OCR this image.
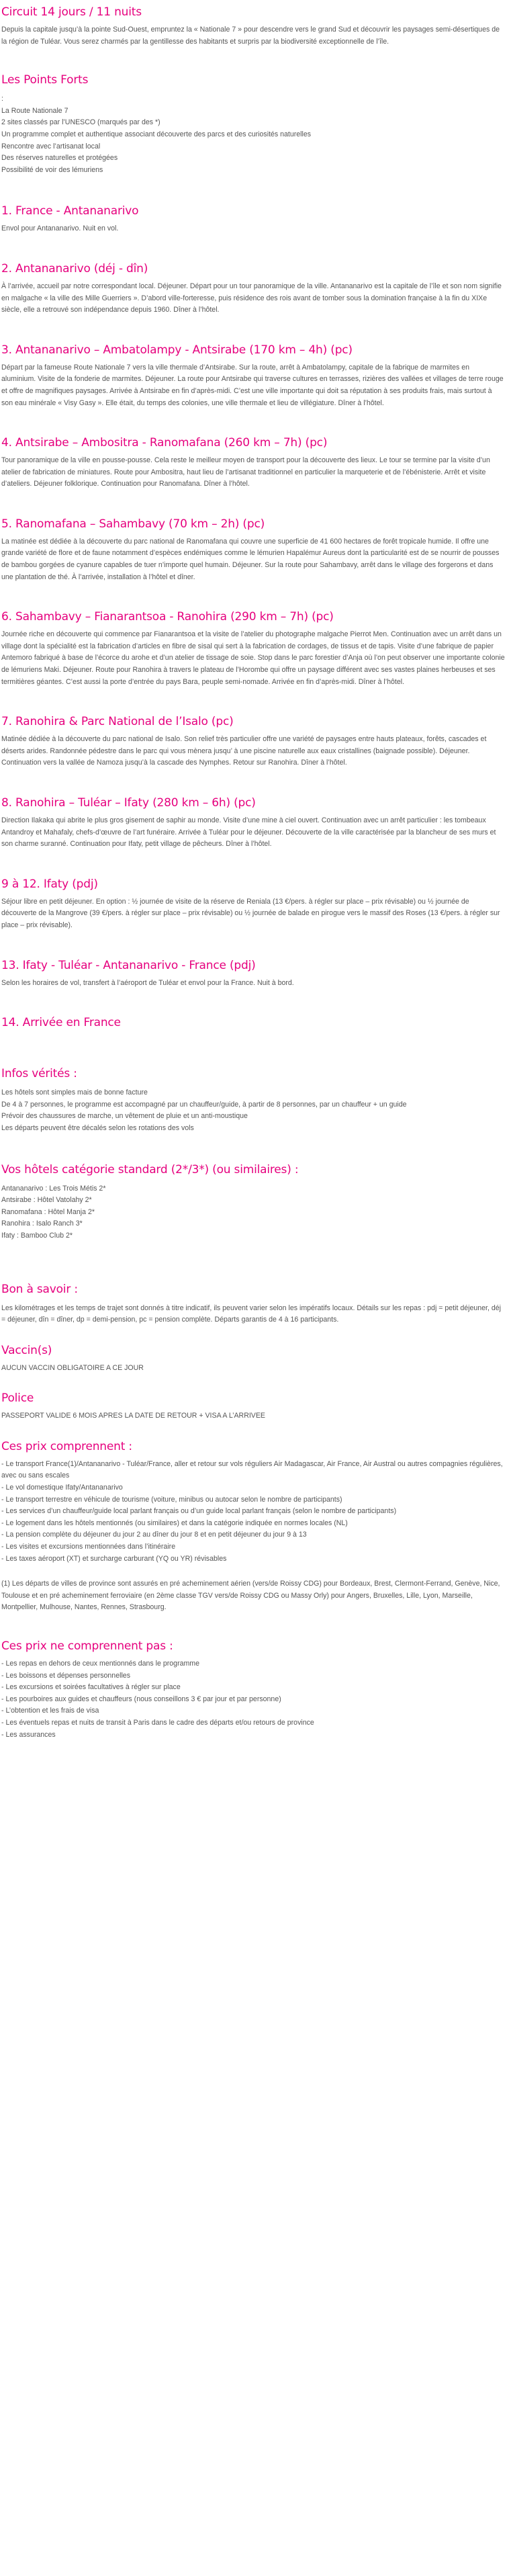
Circuit 14 jours / 11 nuits

Depuis la capitale jusqu’à la pointe Sud-Ouest, empruntez la « Nationale 7 » pour descendre vers le grand Sud et découvrir les paysages semi-désertiques de la région de Tuléar. Vous serez charmés par la gentillesse des habitants et surpris par la biodiversité exceptionnelle de l’île.

Les Points Forts
:
La Route Nationale 7
2 sites classés par l’UNESCO (marqués par des *)
Un programme complet et authentique associant découverte des parcs et des curiosités naturelles
Rencontre avec l’artisanat local
Des réserves naturelles et protégées
Possibilité de voir des lémuriens
1. France - Antananarivo

Envol pour Antananarivo. Nuit en vol.

2. Antananarivo (déj - dîn)

À l’arrivée, accueil par notre correspondant local. Déjeuner. Départ pour un tour panoramique de la ville. Antananarivo est la capitale de l’île et son nom signifie en malgache « la ville des Mille Guerriers ». D’abord ville-forteresse, puis résidence des rois avant de tomber sous la domination française à la fin du XIXe siècle, elle a retrouvé son indépendance depuis 1960. Dîner à l’hôtel.

3. Antananarivo – Ambatolampy - Antsirabe (170 km – 4h) (pc)

Départ par la fameuse Route Nationale 7 vers la ville thermale d’Antsirabe. Sur la route, arrêt à Ambatolampy, capitale de la fabrique de marmites en aluminium. Visite de la fonderie de marmites. Déjeuner. La route pour Antsirabe qui traverse cultures en terrasses, rizières des vallées et villages de terre rouge et offre de magnifiques paysages. Arrivée à Antsirabe en fin d’après-midi. C’est une ville importante qui doit sa réputation à ses produits frais, mais surtout à son eau minérale « Visy Gasy ». Elle était, du temps des colonies, une ville thermale et lieu de villégiature. Dîner à l’hôtel.

4. Antsirabe – Ambositra - Ranomafana (260 km – 7h) (pc)

Tour panoramique de la ville en pousse-pousse. Cela reste le meilleur moyen de transport pour la découverte des lieux. Le tour se termine par la visite d’un atelier de fabrication de miniatures. Route pour Ambositra, haut lieu de l’artisanat traditionnel en particulier la marqueterie et de l’ébénisterie. Arrêt et visite d’ateliers. Déjeuner folklorique. Continuation pour Ranomafana. Dîner à l’hôtel.

5. Ranomafana – Sahambavy (70 km – 2h) (pc)

La matinée est dédiée à la découverte du parc national de Ranomafana qui couvre une superficie de 41 600 hectares de forêt tropicale humide. Il offre une grande variété de flore et de faune notamment d’espèces endémiques comme le lémurien Hapalémur Aureus dont la particularité est de se nourrir de pousses de bambou gorgées de cyanure capables de tuer n’importe quel humain. Déjeuner. Sur la route pour Sahambavy, arrêt dans le village des forgerons et dans une plantation de thé. À l’arrivée, installation à l’hôtel et dîner.

6. Sahambavy – Fianarantsoa - Ranohira (290 km – 7h) (pc)

Journée riche en découverte qui commence par Fianarantsoa et la visite de l’atelier du photographe malgache Pierrot Men. Continuation avec un arrêt dans un village dont la spécialité est la fabrication d’articles en fibre de sisal qui sert à la fabrication de cordages, de tissus et de tapis. Visite d’une fabrique de papier Antemoro fabriqué à base de l’écorce du arohe et d’un atelier de tissage de soie. Stop dans le parc forestier d’Anja où l’on peut observer une importante colonie de lémuriens Maki. Déjeuner. Route pour Ranohira à travers le plateau de l’Horombe qui offre un paysage différent avec ses vastes plaines herbeuses et ses termitières géantes. C’est aussi la porte d’entrée du pays Bara, peuple semi-nomade. Arrivée en fin d’après-midi. Dîner à l’hôtel.

7. Ranohira & Parc National de l’Isalo (pc)

Matinée dédiée à la découverte du parc national de Isalo. Son relief très particulier offre une variété de paysages entre hauts plateaux, forêts, cascades et déserts arides. Randonnée pédestre dans le parc qui vous mènera jusqu’ à une piscine naturelle aux eaux cristallines (baignade possible). Déjeuner. Continuation vers la vallée de Namoza jusqu’à la cascade des Nymphes. Retour sur Ranohira. Dîner à l’hôtel.

8. Ranohira – Tuléar – Ifaty (280 km – 6h) (pc)

Direction Ilakaka qui abrite le plus gros gisement de saphir au monde. Visite d’une mine à ciel ouvert. Continuation avec un arrêt particulier : les tombeaux Antandroy et Mahafaly, chefs-d’œuvre de l’art funéraire. Arrivée à Tuléar pour le déjeuner. Découverte de la ville caractérisée par la blancheur de ses murs et son charme suranné. Continuation pour Ifaty, petit village de pêcheurs. Dîner à l’hôtel.

9 à 12. Ifaty (pdj)

Séjour libre en petit déjeuner. En option : ½ journée de visite de la réserve de Reniala (13 €/pers. à régler sur place – prix révisable) ou ½ journée de découverte de la Mangrove (39 €/pers. à régler sur place – prix révisable) ou ½ journée de balade en pirogue vers le massif des Roses (13 €/pers. à régler sur place – prix révisable).

13. Ifaty - Tuléar - Antananarivo - France (pdj)

Selon les horaires de vol, transfert à l’aéroport de Tuléar et envol pour la France. Nuit à bord.

14. Arrivée en France
Infos vérités :
Les hôtels sont simples mais de bonne facture
De 4 à 7 personnes, le programme est accompagné par un chauffeur/guide, à partir de 8 personnes, par un chauffeur + un guide
Prévoir des chaussures de marche, un vêtement de pluie et un anti-moustique
Les départs peuvent être décalés selon les rotations des vols
Vos hôtels catégorie standard (2*/3*) (ou similaires) :
Antananarivo : Les Trois Métis 2*
Antsirabe : Hôtel Vatolahy 2*
Ranomafana : Hôtel Manja 2*
Ranohira : Isalo Ranch 3*
Ifaty : Bamboo Club 2*
Bon à savoir :

Les kilométrages et les temps de trajet sont donnés à titre indicatif, ils peuvent varier selon les impératifs locaux. Détails sur les repas : pdj = petit déjeuner, déj = déjeuner, dîn = dîner, dp = demi-pension, pc = pension complète. Départs garantis de 4 à 16 participants.

Vaccin(s)

AUCUN VACCIN OBLIGATOIRE A CE JOUR

Police

PASSEPORT VALIDE 6 MOIS APRES LA DATE DE RETOUR + VISA A L’ARRIVEE

Ces prix comprennent :
- Le transport France(1)/Antananarivo - Tuléar/France, aller et retour sur vols réguliers Air Madagascar, Air France, Air Austral ou autres compagnies régulières, avec ou sans escales
- Le vol domestique Ifaty/Antananarivo
- Le transport terrestre en véhicule de tourisme (voiture, minibus ou autocar selon le nombre de participants)
- Les services d’un chauffeur/guide local parlant français ou d’un guide local parlant français (selon le nombre de participants)
- Le logement dans les hôtels mentionnés (ou similaires) et dans la catégorie indiquée en normes locales (NL)
- La pension complète du déjeuner du jour 2 au dîner du jour 8 et en petit déjeuner du jour 9 à 13
- Les visites et excursions mentionnées dans l’itinéraire
- Les taxes aéroport (XT) et surcharge carburant (YQ ou YR) révisables

(1) Les départs de villes de province sont assurés en pré acheminement aérien (vers/de Roissy CDG) pour Bordeaux, Brest, Clermont-Ferrand, Genève, Nice, Toulouse et en pré acheminement ferroviaire (en 2ème classe TGV vers/de Roissy CDG ou Massy Orly) pour Angers, Bruxelles, Lille, Lyon, Marseille, Montpellier, Mulhouse, Nantes, Rennes, Strasbourg.

Ces prix ne comprennent pas :
- Les repas en dehors de ceux mentionnés dans le programme
- Les boissons et dépenses personnelles
- Les excursions et soirées facultatives à régler sur place
- Les pourboires aux guides et chauffeurs (nous conseillons 3 € par jour et par personne)
- L’obtention et les frais de visa
- Les éventuels repas et nuits de transit à Paris dans le cadre des départs et/ou retours de province
- Les assurances
